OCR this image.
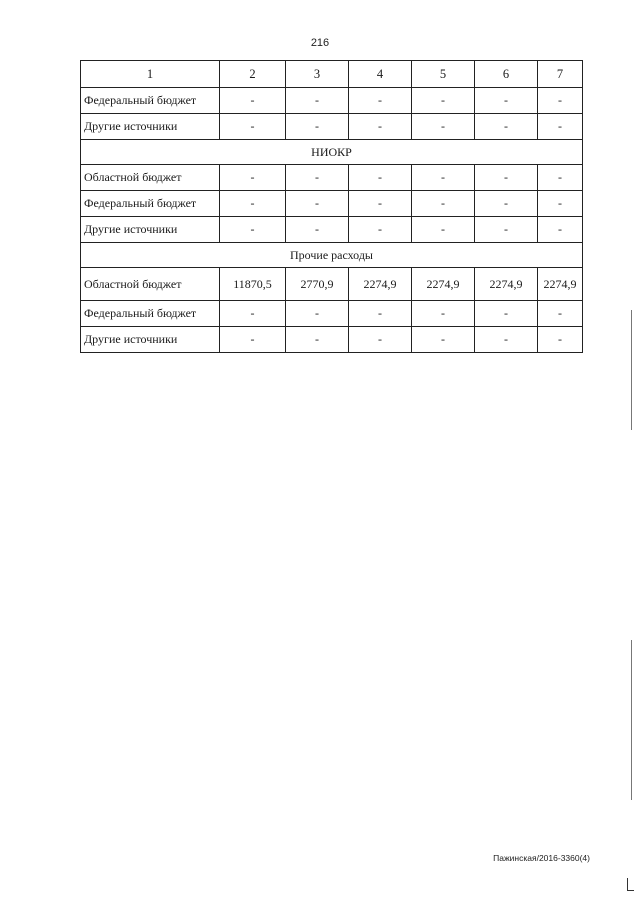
216
1	2	3	4	5	6	7
Федеральный бюджет	-	-	-	-	-	-
Другие источники	-	-	-	-	-	-
НИОКР						
Областной бюджет	-	-	-	-	-	-
Федеральный бюджет	-	-	-	-	-	-
Другие источники	-	-	-	-	-	-
Прочие расходы						
Областной бюджет	11870,5	2770,9	2274,9	2274,9	2274,9	2274,9
Федеральный бюджет	-	-	-	-	-	-
Другие источники	-	-	-	-	-	-
Пажинская/2016-3360(4)
